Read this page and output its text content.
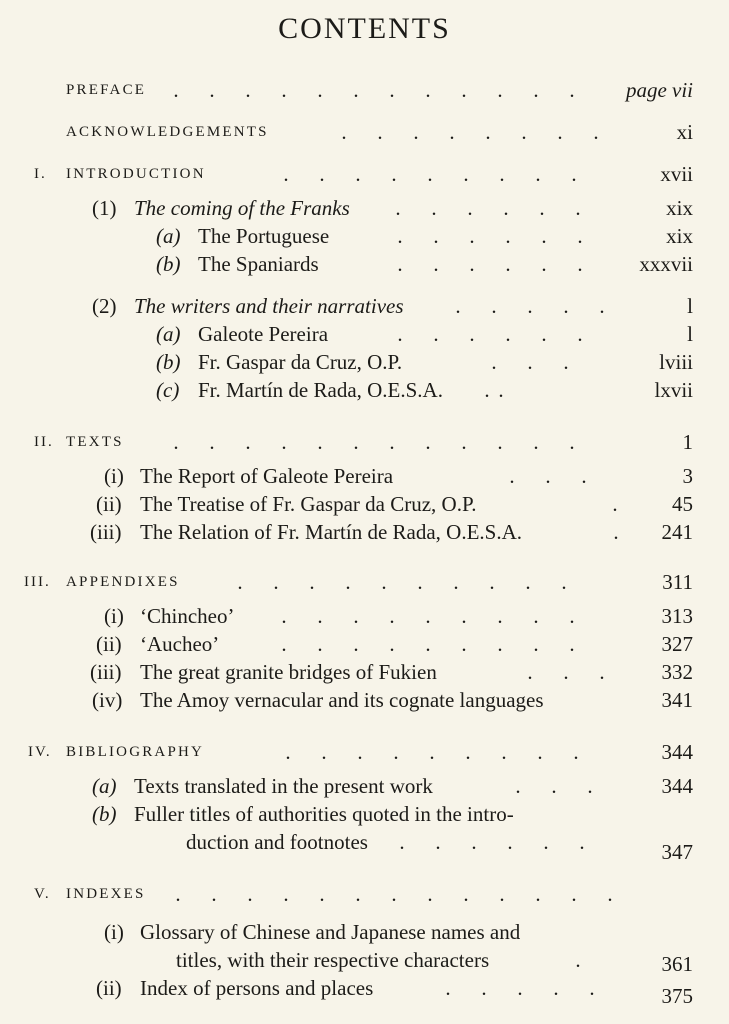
CONTENTS
PREFACE	. . . . . . . . . . . .	page vii
ACKNOWLEDGEMENTS	. . . . . . . .	xi
I. INTRODUCTION	. . . . . . . . .	xvii
(1) The coming of the Franks	. . . . . .	xix
(a) The Portuguese	. . . . . .	xix
(b) The Spaniards	. . . . . .	xxxvii
(2) The writers and their narratives	. . . . .	l
(a) Galeote Pereira	. . . . . .	l
(b) Fr. Gaspar da Cruz, O.P.	. . .	lviii
(c) Fr. Martín de Rada, O.E.S.A. . .	lxvii
II. TEXTS	. . . . . . . . . . . .	1
(i) The Report of Galeote Pereira	. . .	3
(ii) The Treatise of Fr. Gaspar da Cruz, O.P.	.	45
(iii) The Relation of Fr. Martín de Rada, O.E.S.A.	. 241
III. APPENDIXES	. . . . . . . . . .	311
(i) ‘Chincheo’	. . . . . . . . .	313
(ii) ‘Aucheo’	. . . . . . . . .	327
(iii) The great granite bridges of Fukien	. . .	332
(iv) The Amoy vernacular and its cognate languages	341
IV. BIBLIOGRAPHY	. . . . . . . . .	344
(a) Texts translated in the present work	. . .	344
(b) Fuller titles of authorities quoted in the intro-
duction and footnotes	. . . . . .	347
V. INDEXES	. . . . . . . . . . . . .
(i) Glossary of Chinese and Japanese names and
titles, with their respective characters	.	361
(ii) Index of persons and places	. . . . .	375
